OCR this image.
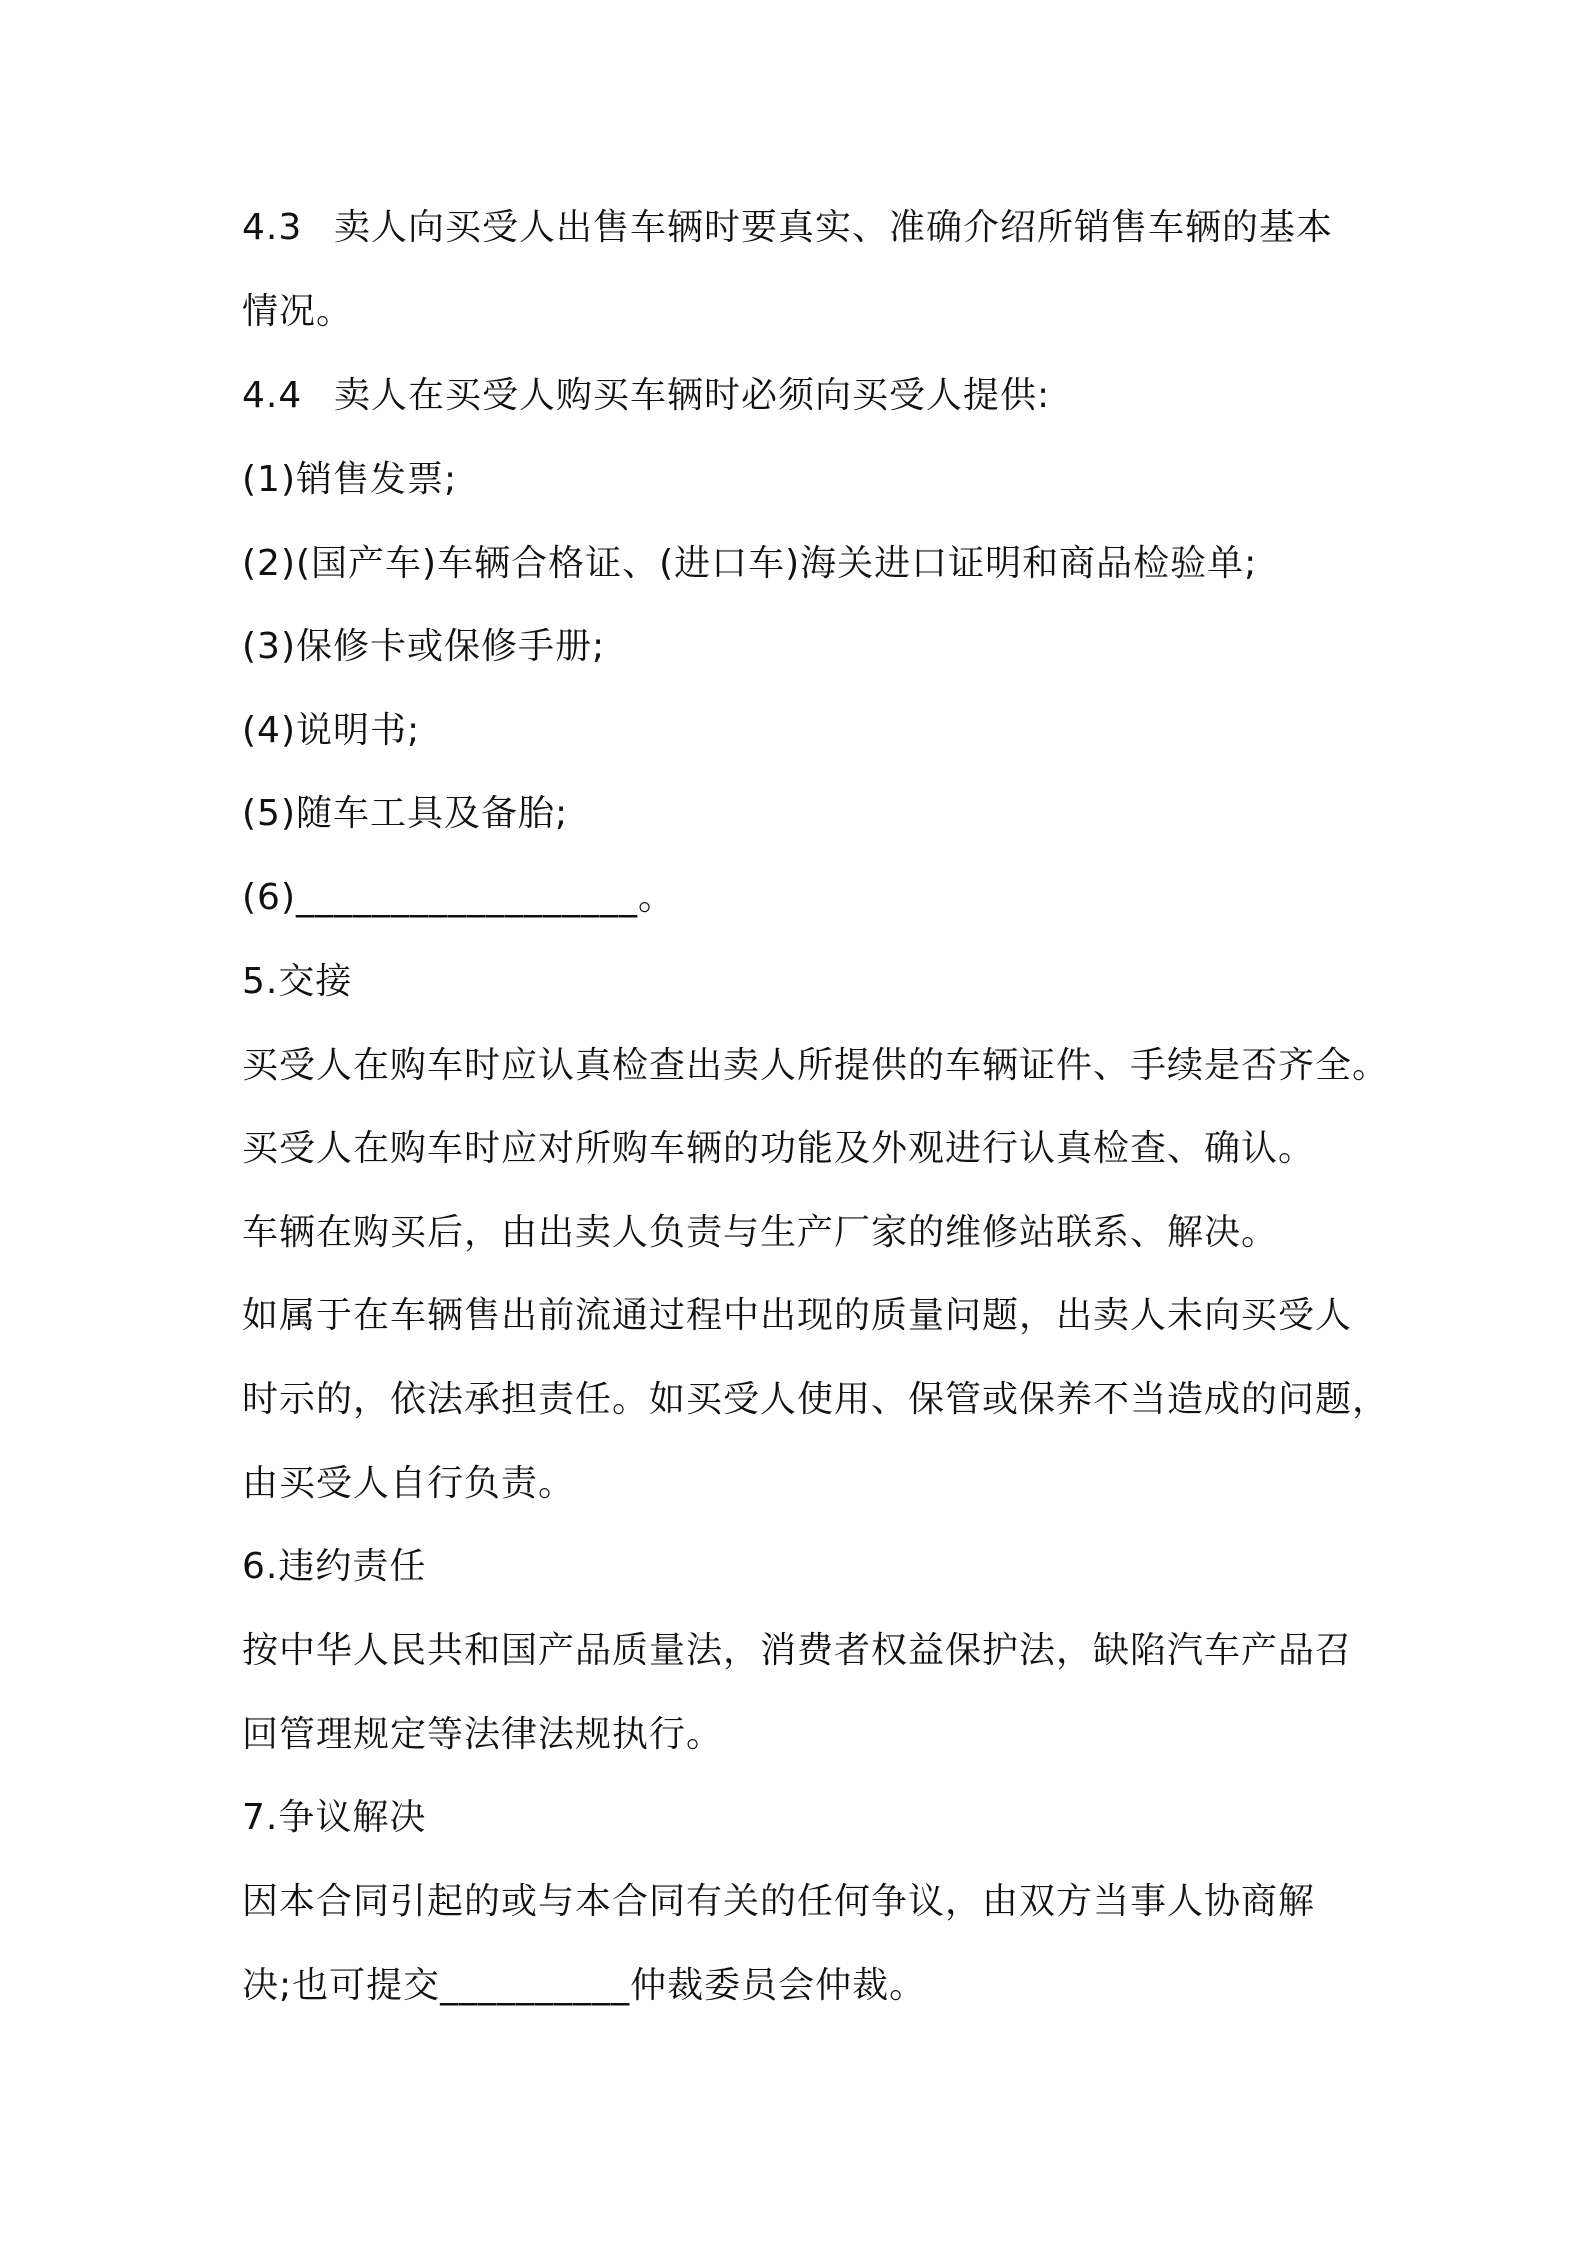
4.3 卖人向买受人出售车辆时要真实、准确介绍所销售车辆的基本
情况。
4.4 卖人在买受人购买车辆时必须向买受人提供:
(1)销售发票;
(2)(国产车)车辆合格证、(进口车)海关进口证明和商品检验单;
(3)保修卡或保修手册;
(4)说明书;
(5)随车工具及备胎;
(6)__________________。
5.交接
买受人在购车时应认真检查出卖人所提供的车辆证件、手续是否齐全。
买受人在购车时应对所购车辆的功能及外观进行认真检查、确认。
车辆在购买后，由出卖人负责与生产厂家的维修站联系、解决。
如属于在车辆售出前流通过程中出现的质量问题，出卖人未向买受人
时示的，依法承担责任。如买受人使用、保管或保养不当造成的问题，
由买受人自行负责。
6.违约责任
按中华人民共和国产品质量法，消费者权益保护法，缺陷汽车产品召
回管理规定等法律法规执行。
7.争议解决
因本合同引起的或与本合同有关的任何争议，由双方当事人协商解
决;也可提交__________仲裁委员会仲裁。
